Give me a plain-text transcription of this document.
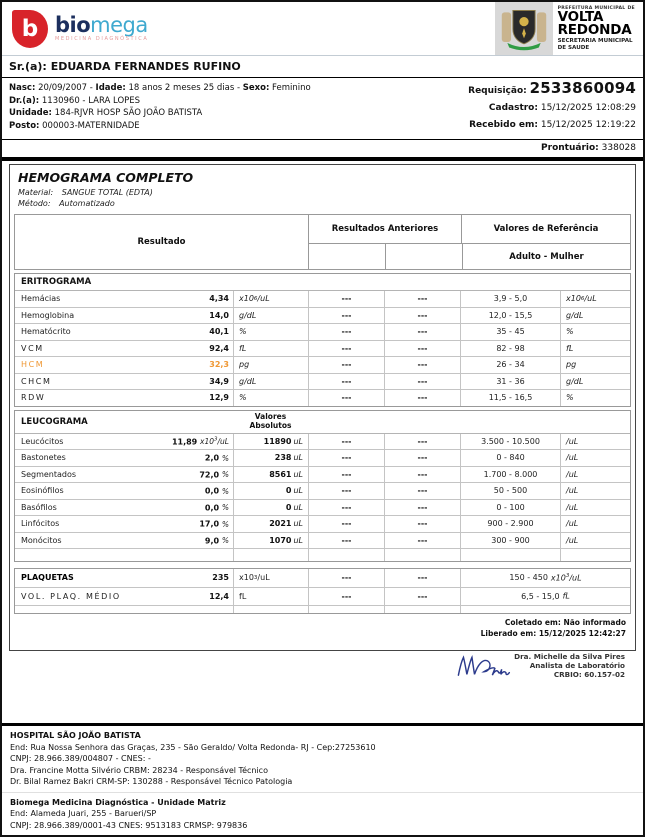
b biomega
MEDICINA DIAGNÓSTICA
PREFEITURA MUNICIPAL DE
VOLTA
REDONDA
SECRETARIA MUNICIPAL
DE SAUDE
Sr.(a): EDUARDA FERNANDES RUFINO
Nasc: 20/09/2007 - Idade: 18 anos 2 meses 25 dias - Sexo: Feminino
Dr.(a): 1130960 - LARA LOPES
Unidade: 184-RJVR HOSP SÃO JOÃO BATISTA
Posto: 000003-MATERNIDADE
Requisição: 2533860094
Cadastro: 15/12/2025 12:08:29
Recebido em: 15/12/2025 12:19:22
Prontuário: 338028
HEMOGRAMA COMPLETO
Material: SANGUE TOTAL (EDTA)
Método: Automatizado
Resultado
Resultados Anteriores	Valores de Referência
Adulto - Mulher
ERITROGRAMA
Hemácias	4,34 x10 6 /uL	---	---	3,9 - 5,0	x10 6 /uL
Hemoglobina	14,0 g/dL	---	---	12,0 - 15,5	g/dL
Hematócrito	40,1 %	---	---	35 - 45	%
VCM	92,4 fL	---	---	82 - 98	fL
HCM	32,3 pg	---	---	26 - 34	pg
CHCM	34,9 g/dL	---	---	31 - 36	g/dL
RDW	12,9 %	---	---	11,5 - 16,5	%
LEUCOGRAMA	Valores
Absolutos
Leucócitos	11,89 $x10^3/uL$	11890 uL	---	---	3.500 - 10.500	/uL
Bastonetes	2,0 %	238 uL	---	---	0 - 840	/uL
Segmentados	72,0 %	8561 uL	---	---	1.700 - 8.000	/uL
Eosinófilos	0,0 %	0 uL	---	---	50 - 500	/uL
Basófilos	0,0 %	0 uL	---	---	0 - 100	/uL
Linfócitos	17,0 %	2021 uL	---	---	900 - 2.900	/uL
Monócitos	9,0 %	1070 uL	---	---	300 - 900	/uL
PLAQUETAS	235 x10 3 /uL	---	---	150 - 450 $x10^3/uL$
VOL. PLAQ. MÉDIO	12,4 fL	---	---	6,5 - 15,0 fL
Coletado em: Não informado
Liberado em: 15/12/2025 12:42:27
Dra. Michelle da Silva Pires
Analista de Laboratório
CRBIO: 60.157-02
HOSPITAL SÃO JOÃO BATISTA
End: Rua Nossa Senhora das Graças, 235 - São Geraldo/ Volta Redonda- RJ - Cep:27253610
CNPJ: 28.966.389/004807 - CNES: -
Dra. Francine Motta Silvério CRBM: 28234 - Responsável Técnico
Dr. Bilal Ramez Bakri CRM-SP: 130288 - Responsável Técnico Patologia
Biomega Medicina Diagnóstica - Unidade Matriz
End: Alameda Juari, 255 - Barueri/SP
CNPJ: 28.966.389/0001-43 CNES: 9513183 CRMSP: 979836
